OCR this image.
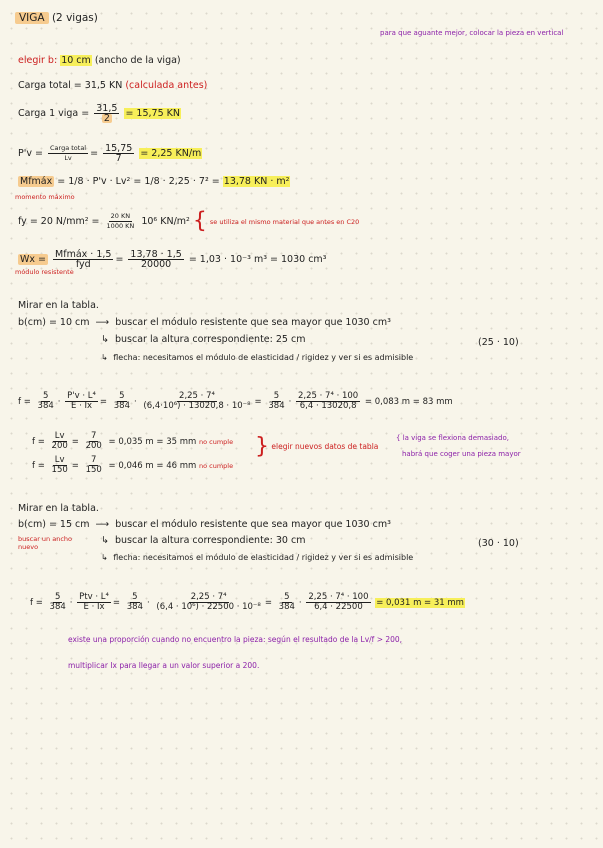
VIGA (2 vigas)
para que aguante mejor, colocar la pieza en vertical
elegir b: 10 cm (ancho de la viga)
Carga total = 31,5 KN (calculada antes)
Carga 1 viga = $\frac{31,5}{2} = 15,75$ KN
$P'v = \frac{\text{Carga total}}{Lv} = \frac{15,75}{7} = 2,25$ KN/m
Mfmáx = 1/8 · P'v · Lv² = 1/8 · 2,25 · 7² = 13,78 KN · m²
momento máximo
fy = 20 $N/mm^2 = \frac{20 KN}{1000 KN} 10^6$ KN/m² { se utiliza el mismo material que antes en C20
$Wx = \frac{\text{Mfmáx · 1,5}}{\text{fyd}} = \frac{13,78 \cdot 1,5}{20000} = 1,03 \cdot 10^{-3}$ m³ = 1030 cm³
módulo resistente
Mirar en la tabla.
b(cm) = 10 cm ⟶ buscar el módulo resistente que sea mayor que 1030 cm³
↳ buscar la altura correspondiente: 25 cm	(25 · 10)
↳ flecha: necesitamos el módulo de elasticidad / rigidez y ver si es admisible
$f = \frac{5}{384} \cdot \frac{\text{P'v · L⁴}}{E \cdot Ix} = \frac{5}{384} \cdot \frac{\text{2,25 · 7⁴}}{\text{(6,4·10⁶) · 13020,8 · 10⁻⁸}} = \frac{5}{384} \cdot \frac{\text{2,25 · 7⁴ · 100}}{6,4 \cdot 13020,8} = 0,083$ m = 83 mm
$f = \frac{Lv}{200} = \frac{7}{200} = 0,035$ m = 35 mm no cumple
$f = \frac{Lv}{150} = \frac{7}{150} = 0,046$ m = 46 mm no cumple
} elegir nuevos datos de tabla
{ la viga se flexiona demasiado,
habrá que coger una pieza mayor
Mirar en la tabla.
b(cm) = 15 cm ⟶ buscar el módulo resistente que sea mayor que 1030 cm³
buscar un ancho nuevo
↳ buscar la altura correspondiente: 30 cm	(30 · 10)
↳ flecha: necesitamos el módulo de elasticidad / rigidez y ver si es admisible
$f = \frac{5}{384} \cdot \frac{\text{Ptv · L⁴}}{E \cdot Ix} = \frac{5}{384} \cdot \frac{\text{2,25 · 7⁴}}{\text{(6,4 · 10⁶) · 22500 · 10⁻⁸}} = \frac{5}{384} \cdot \frac{\text{2,25 · 7⁴ · 100}}{6,4 \cdot 22500} = 0,031$ m = 31 mm
existe una proporción cuando no encuentro la pieza: según el resultado de la Lv/f > 200,
multiplicar Ix para llegar a un valor superior a 200.
